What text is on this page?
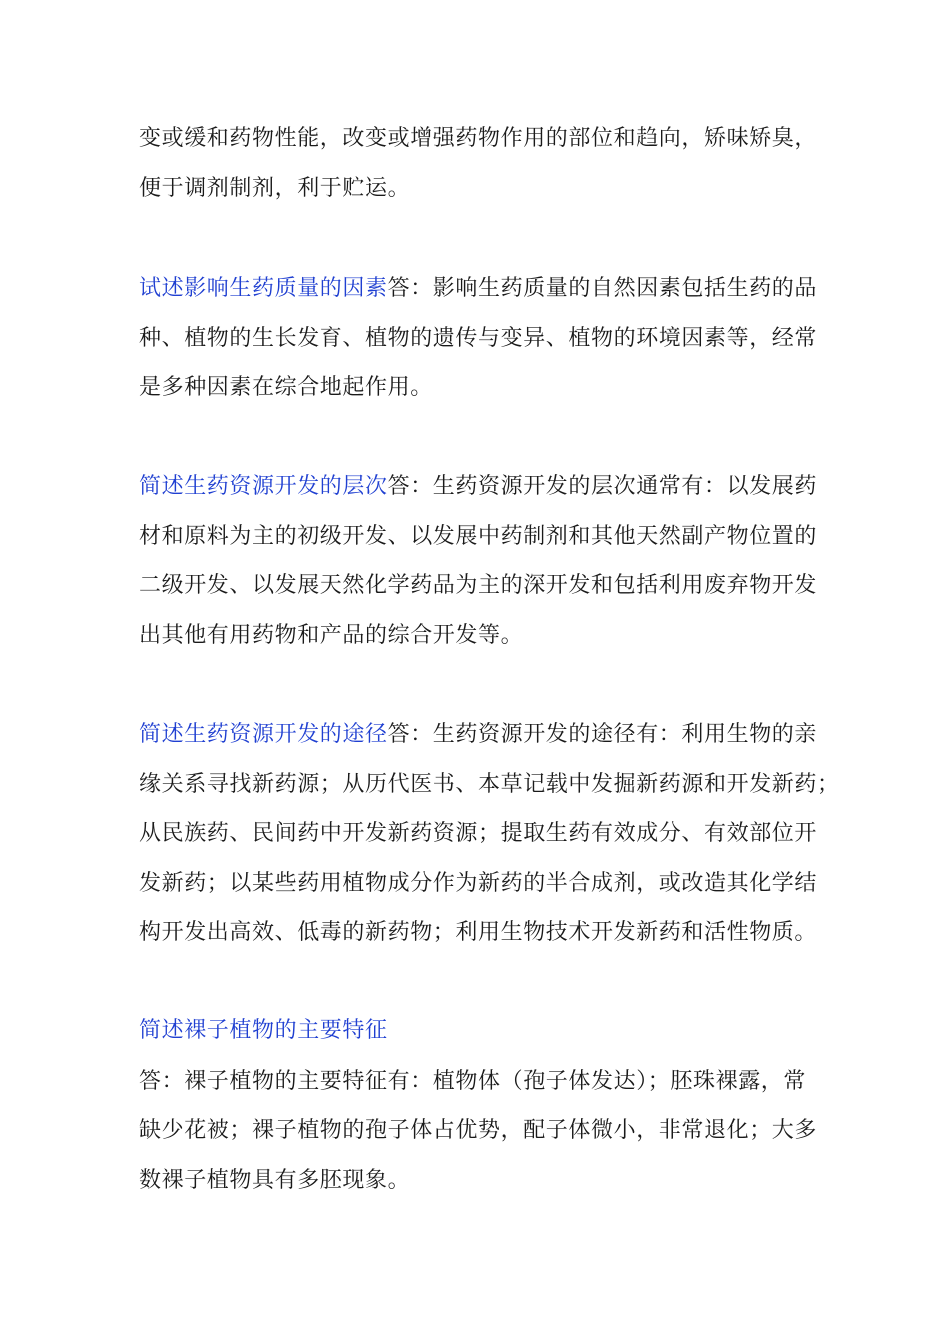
变或缓和药物性能，改变或增强药物作用的部位和趋向，矫味矫臭，
便于调剂制剂，利于贮运。
试述影响生药质量的因素答：影响生药质量的自然因素包括生药的品
种、植物的生长发育、植物的遗传与变异、植物的环境因素等，经常
是多种因素在综合地起作用。
简述生药资源开发的层次答：生药资源开发的层次通常有：以发展药
材和原料为主的初级开发、以发展中药制剂和其他天然副产物位置的
二级开发、以发展天然化学药品为主的深开发和包括利用废弃物开发
出其他有用药物和产品的综合开发等。
简述生药资源开发的途径答：生药资源开发的途径有：利用生物的亲
缘关系寻找新药源；从历代医书、本草记载中发掘新药源和开发新药；
从民族药、民间药中开发新药资源；提取生药有效成分、有效部位开
发新药；以某些药用植物成分作为新药的半合成剂，或改造其化学结
构开发出高效、低毒的新药物；利用生物技术开发新药和活性物质。
简述裸子植物的主要特征
答：裸子植物的主要特征有：植物体（孢子体发达）；胚珠裸露，常
缺少花被；裸子植物的孢子体占优势，配子体微小，非常退化；大多
数裸子植物具有多胚现象。
